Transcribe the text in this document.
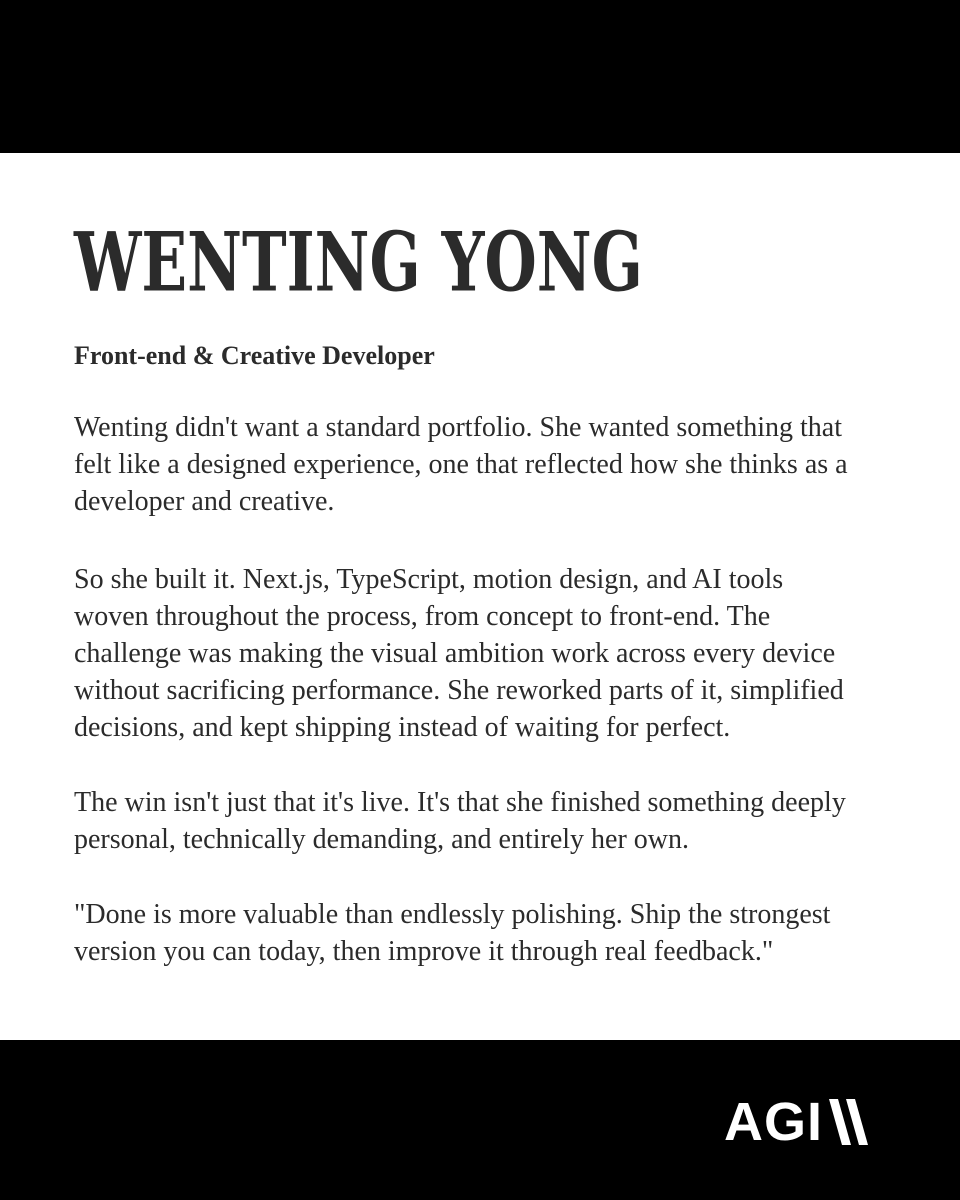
WENTING YONG
Front-end & Creative Developer

Wenting didn't want a standard portfolio. She wanted something that
felt like a designed experience, one that reflected how she thinks as a
developer and creative.

So she built it. Next.js, TypeScript, motion design, and AI tools
woven throughout the process, from concept to front-end. The
challenge was making the visual ambition work across every device
without sacrificing performance. She reworked parts of it, simplified
decisions, and kept shipping instead of waiting for perfect.

The win isn't just that it's live. It's that she finished something deeply
personal, technically demanding, and entirely her own.

"Done is more valuable than endlessly polishing. Ship the strongest
version you can today, then improve it through real feedback."

AGI
